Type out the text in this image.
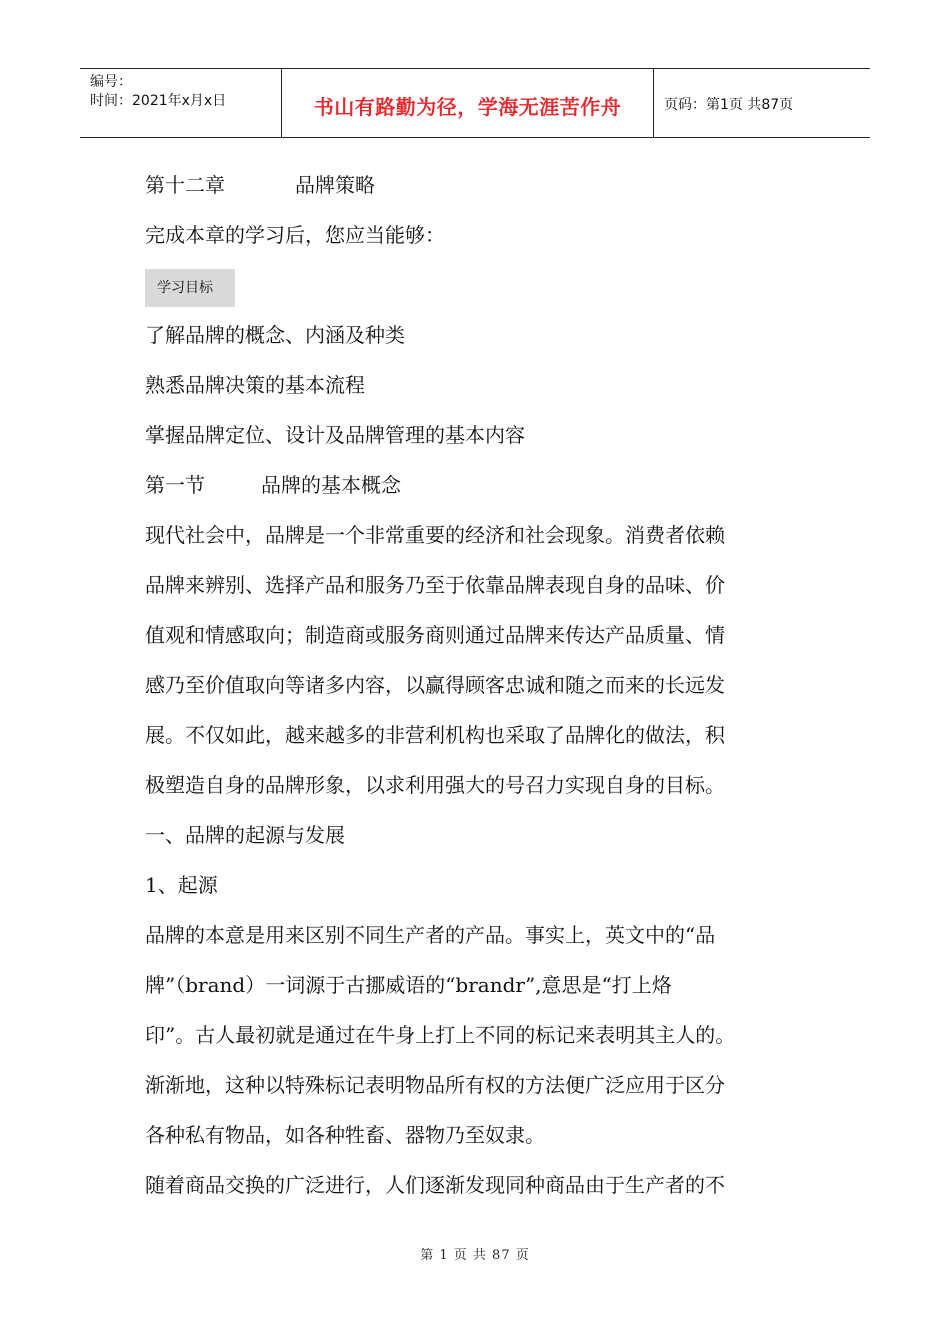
编号：
时间：2021年x月x日	书山有路勤为径，学海无涯苦作舟	页码：第1页 共87页
第十二章	品牌策略
完成本章的学习后，您应当能够：
学习目标
了解品牌的概念、内涵及种类
熟悉品牌决策的基本流程
掌握品牌定位、设计及品牌管理的基本内容
第一节	品牌的基本概念
现代社会中，品牌是一个非常重要的经济和社会现象。消费者依赖
品牌来辨别、选择产品和服务乃至于依靠品牌表现自身的品味、价
值观和情感取向；制造商或服务商则通过品牌来传达产品质量、情
感乃至价值取向等诸多内容，以赢得顾客忠诚和随之而来的长远发
展。不仅如此，越来越多的非营利机构也采取了品牌化的做法，积
极塑造自身的品牌形象，以求利用强大的号召力实现自身的目标。
一、品牌的起源与发展
1、起源
品牌的本意是用来区别不同生产者的产品。事实上，英文中的“品
牌”（brand）一词源于古挪威语的“brandr”,意思是“打上烙
印”。古人最初就是通过在牛身上打上不同的标记来表明其主人的。
渐渐地，这种以特殊标记表明物品所有权的方法便广泛应用于区分
各种私有物品，如各种牲畜、器物乃至奴隶。
随着商品交换的广泛进行，人们逐渐发现同种商品由于生产者的不
第 1 页 共 87 页
